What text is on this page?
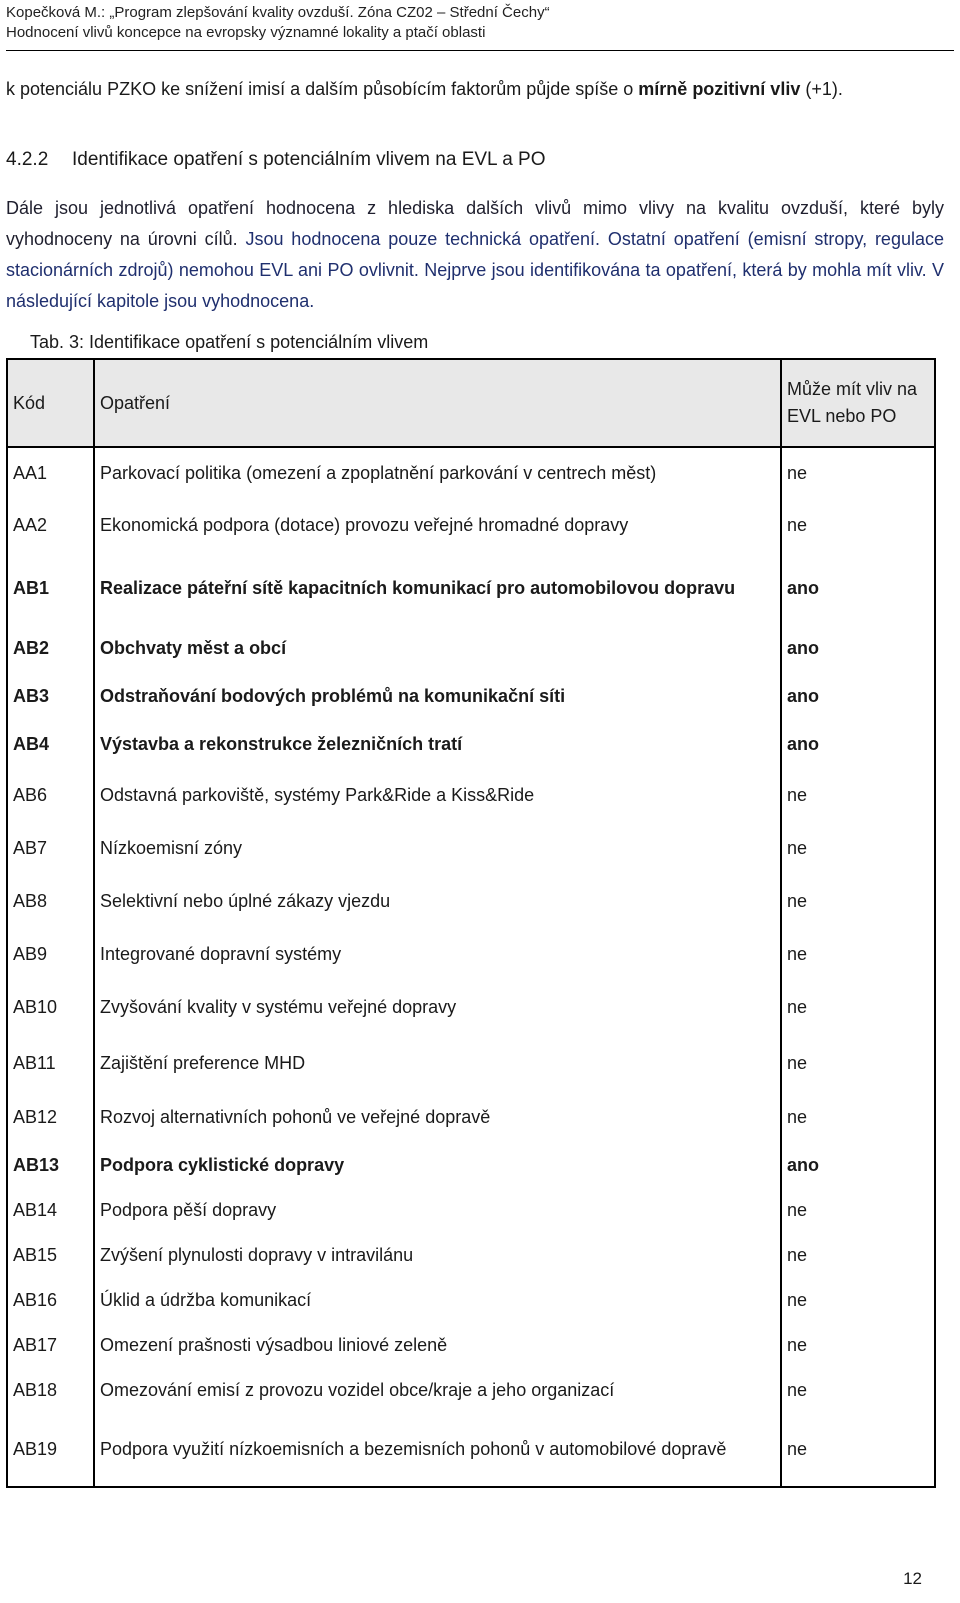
Kopečková M.: „Program zlepšování kvality ovzduší. Zóna CZ02 – Střední Čechy“
Hodnocení vlivů koncepce na evropsky významné lokality a ptačí oblasti

k potenciálu PZKO ke snížení imisí a dalším působícím faktorům půjde spíše o mírně pozitivní vliv (+1).

4.2.2 Identifikace opatření s potenciálním vlivem na EVL a PO

Dále jsou jednotlivá opatření hodnocena z hlediska dalších vlivů mimo vlivy na kvalitu ovzduší, které byly vyhodnoceny na úrovni cílů. Jsou hodnocena pouze technická opatření. Ostatní opatření (emisní stropy, regulace stacionárních zdrojů) nemohou EVL ani PO ovlivnit. Nejprve jsou identifikována ta opatření, která by mohla mít vliv. V následující kapitole jsou vyhodnocena.

Tab. 3: Identifikace opatření s potenciálním vlivem
Kód	Opatření	Může mít vliv na EVL nebo PO
AA1	Parkovací politika (omezení a zpoplatnění parkování v centrech měst)	ne
AA2	Ekonomická podpora (dotace) provozu veřejné hromadné dopravy	ne
AB1	Realizace páteřní sítě kapacitních komunikací pro automobilovou dopravu	ano
AB2	Obchvaty měst a obcí	ano
AB3	Odstraňování bodových problémů na komunikační síti	ano
AB4	Výstavba a rekonstrukce železničních tratí	ano
AB6	Odstavná parkoviště, systémy Park&Ride a Kiss&Ride	ne
AB7	Nízkoemisní zóny	ne
AB8	Selektivní nebo úplné zákazy vjezdu	ne
AB9	Integrované dopravní systémy	ne
AB10	Zvyšování kvality v systému veřejné dopravy	ne
AB11	Zajištění preference MHD	ne
AB12	Rozvoj alternativních pohonů ve veřejné dopravě	ne
AB13	Podpora cyklistické dopravy	ano
AB14	Podpora pěší dopravy	ne
AB15	Zvýšení plynulosti dopravy v intravilánu	ne
AB16	Úklid a údržba komunikací	ne
AB17	Omezení prašnosti výsadbou liniové zeleně	ne
AB18	Omezování emisí z provozu vozidel obce/kraje a jeho organizací	ne
AB19	Podpora využití nízkoemisních a bezemisních pohonů v automobilové dopravě	ne
12
